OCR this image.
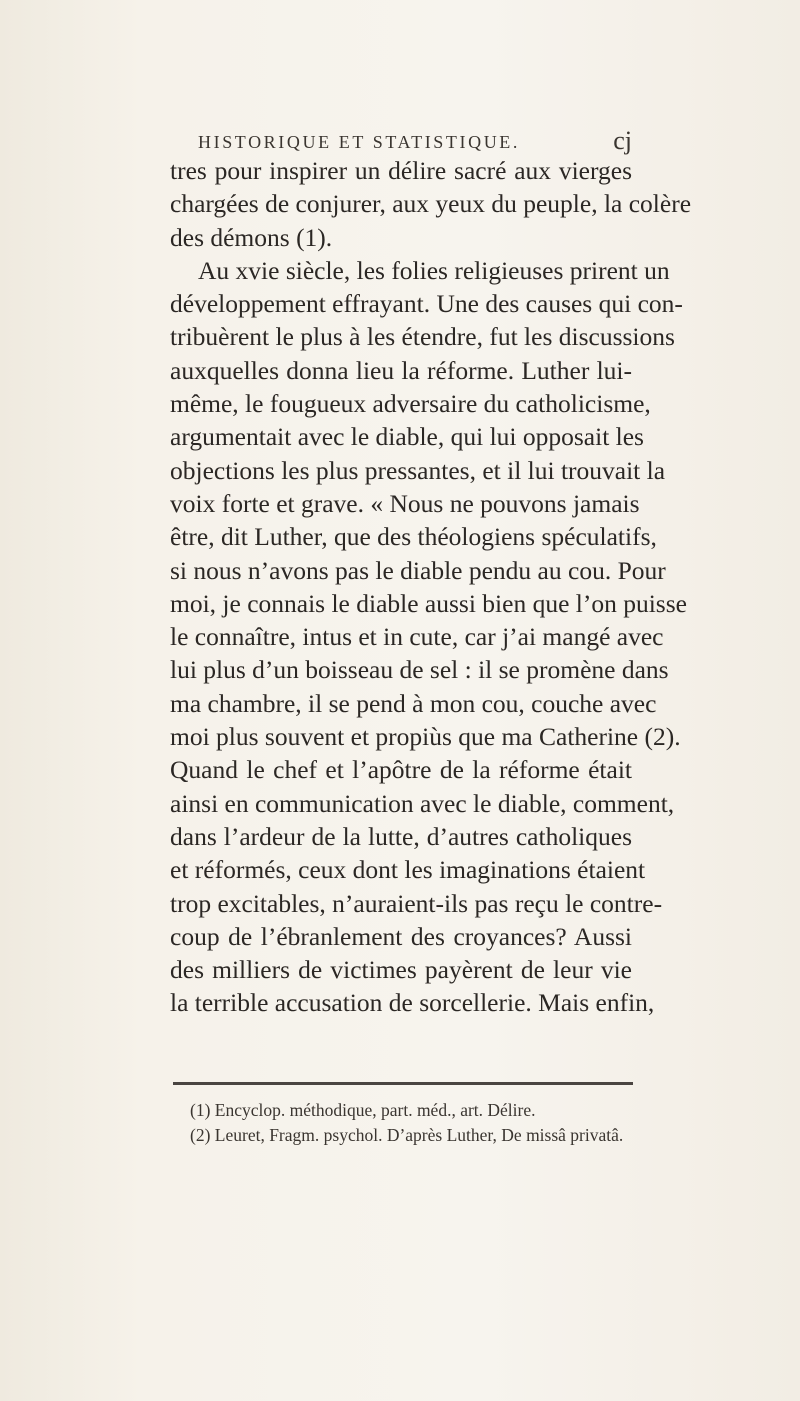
HISTORIQUE ET STATISTIQUE.	cj
tres pour inspirer un délire sacré aux vierges
chargées de conjurer, aux yeux du peuple, la colère
des démons (1).
Au xvie siècle, les folies religieuses prirent un
développement effrayant. Une des causes qui con-
tribuèrent le plus à les étendre, fut les discussions
auxquelles donna lieu la réforme. Luther lui-
même, le fougueux adversaire du catholicisme,
argumentait avec le diable, qui lui opposait les
objections les plus pressantes, et il lui trouvait la
voix forte et grave. « Nous ne pouvons jamais
être, dit Luther, que des théologiens spéculatifs,
si nous n’avons pas le diable pendu au cou. Pour
moi, je connais le diable aussi bien que l’on puisse
le connaître, intus et in cute, car j’ai mangé avec
lui plus d’un boisseau de sel : il se promène dans
ma chambre, il se pend à mon cou, couche avec
moi plus souvent et propiùs que ma Catherine (2).
Quand le chef et l’apôtre de la réforme était
ainsi en communication avec le diable, comment,
dans l’ardeur de la lutte, d’autres catholiques
et réformés, ceux dont les imaginations étaient
trop excitables, n’auraient-ils pas reçu le contre-
coup de l’ébranlement des croyances? Aussi
des milliers de victimes payèrent de leur vie
la terrible accusation de sorcellerie. Mais enfin,
(1) Encyclop. méthodique, part. méd., art. Délire.
(2) Leuret, Fragm. psychol. D’après Luther, De missâ privatâ.
